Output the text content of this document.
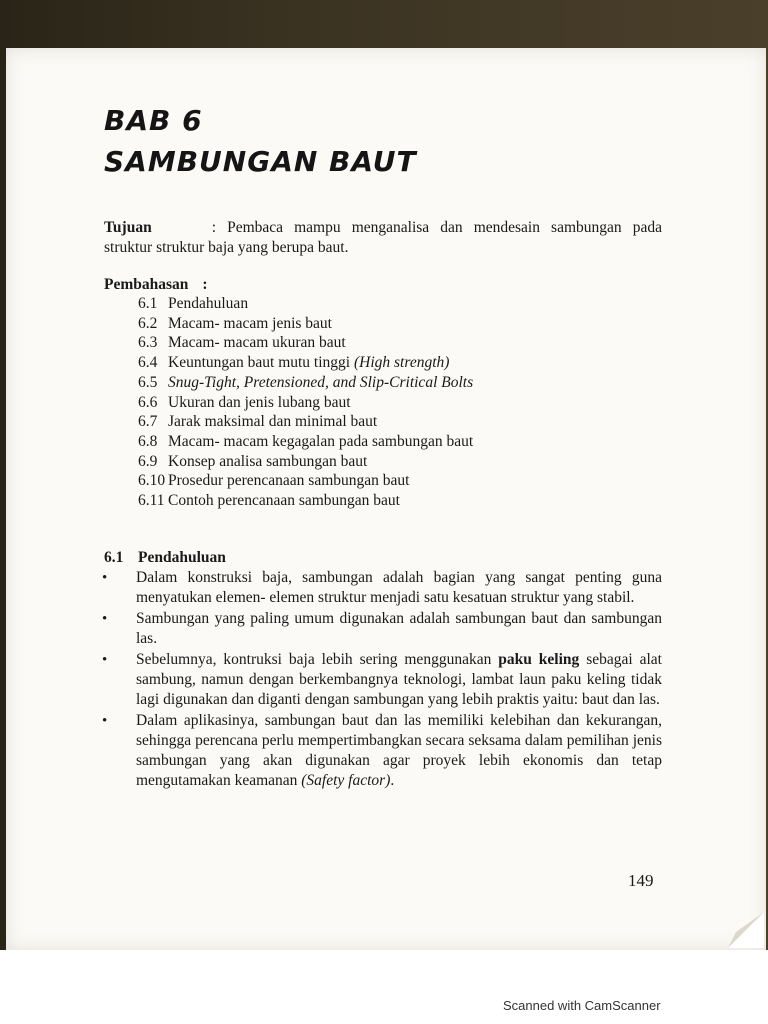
BAB 6
SAMBUNGAN BAUT
Tujuan	: Pembaca mampu menganalisa dan mendesain sambungan pada struktur struktur baja yang berupa baut.
Pembahasan :
6.1 Pendahuluan
6.2 Macam- macam jenis baut
6.3 Macam- macam ukuran baut
6.4 Keuntungan baut mutu tinggi (High strength)
6.5 Snug-Tight, Pretensioned, and Slip-Critical Bolts
6.6 Ukuran dan jenis lubang baut
6.7 Jarak maksimal dan minimal baut
6.8 Macam- macam kegagalan pada sambungan baut
6.9 Konsep analisa sambungan baut
6.10 Prosedur perencanaan sambungan baut
6.11 Contoh perencanaan sambungan baut
6.1 Pendahuluan
• Dalam konstruksi baja, sambungan adalah bagian yang sangat penting guna menyatukan elemen- elemen struktur menjadi satu kesatuan struktur yang stabil.
• Sambungan yang paling umum digunakan adalah sambungan baut dan sambungan las.
• Sebelumnya, kontruksi baja lebih sering menggunakan paku keling sebagai alat sambung, namun dengan berkembangnya teknologi, lambat laun paku keling tidak lagi digunakan dan diganti dengan sambungan yang lebih praktis yaitu: baut dan las.
• Dalam aplikasinya, sambungan baut dan las memiliki kelebihan dan kekurangan, sehingga perencana perlu mempertimbangkan secara seksama dalam pemilihan jenis sambungan yang akan digunakan agar proyek lebih ekonomis dan tetap mengutamakan keamanan (Safety factor).
149
Scanned with CamScanner
